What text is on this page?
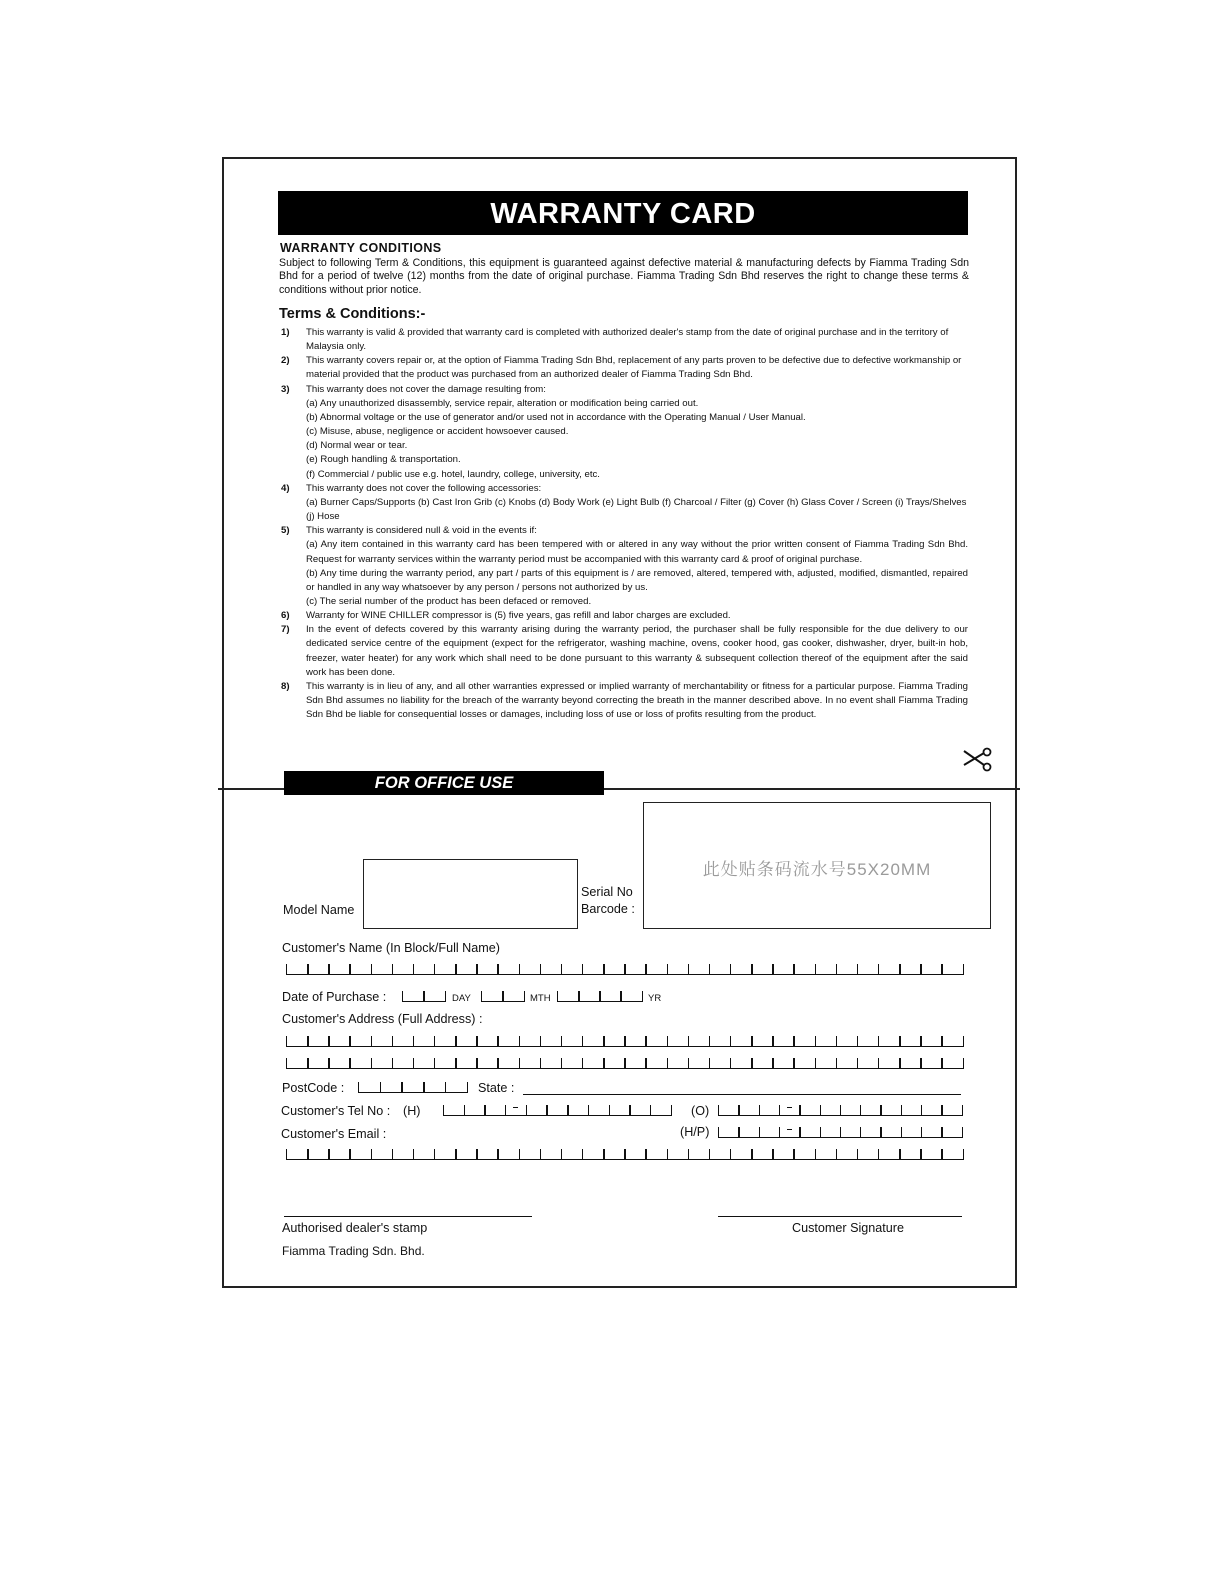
WARRANTY CARD
WARRANTY CONDITIONS
Subject to following Term & Conditions, this equipment is guaranteed against defective material & manufacturing defects by Fiamma Trading Sdn Bhd for a period of twelve (12) months from the date of original purchase. Fiamma Trading Sdn Bhd reserves the right to change these terms & conditions without prior notice.
Terms & Conditions:-
1) This warranty is valid & provided that warranty card is completed with authorized dealer's stamp from the date of original purchase and in the territory of Malaysia only.
2) This warranty covers repair or, at the option of Fiamma Trading Sdn Bhd, replacement of any parts proven to be defective due to defective workmanship or material provided that the product was purchased from an authorized dealer of Fiamma Trading Sdn Bhd.
3) This warranty does not cover the damage resulting from:
(a) Any unauthorized disassembly, service repair, alteration or modification being carried out.
(b) Abnormal voltage or the use of generator and/or used not in accordance with the Operating Manual / User Manual.
(c) Misuse, abuse, negligence or accident howsoever caused.
(d) Normal wear or tear.
(e) Rough handling & transportation.
(f) Commercial / public use e.g. hotel, laundry, college, university, etc.
4) This warranty does not cover the following accessories:
(a) Burner Caps/Supports (b) Cast Iron Grib (c) Knobs (d) Body Work (e) Light Bulb (f) Charcoal / Filter (g) Cover (h) Glass Cover / Screen (i) Trays/Shelves (j) Hose
5) This warranty is considered null & void in the events if:
(a) Any item contained in this warranty card has been tempered with or altered in any way without the prior written consent of Fiamma Trading Sdn Bhd. Request for warranty services within the warranty period must be accompanied with this warranty card & proof of original purchase.
(b) Any time during the warranty period, any part / parts of this equipment is / are removed, altered, tempered with, adjusted, modified, dismantled, repaired or handled in any way whatsoever by any person / persons not authorized by us.
(c) The serial number of the product has been defaced or removed.
6) Warranty for WINE CHILLER compressor is (5) five years, gas refill and labor charges are excluded.
7) In the event of defects covered by this warranty arising during the warranty period, the purchaser shall be fully responsible for the due delivery to our dedicated service centre of the equipment (expect for the refrigerator, washing machine, ovens, cooker hood, gas cooker, dishwasher, dryer, built-in hob, freezer, water heater) for any work which shall need to be done pursuant to this warranty & subsequent collection thereof of the equipment after the said work has been done.
8) This warranty is in lieu of any, and all other warranties expressed or implied warranty of merchantability or fitness for a particular purpose. Fiamma Trading Sdn Bhd assumes no liability for the breach of the warranty beyond correcting the breath in the manner described above. In no event shall Fiamma Trading Sdn Bhd be liable for consequential losses or damages, including loss of use or loss of profits resulting from the product.
FOR OFFICE USE
此处贴条码流水号55X20MM
Model Name
Serial No
Barcode :
Customer's Name (In Block/Full Name)
Date of Purchase :	DAY	MTH	YR
Customer's Address (Full Address) :
PostCode :	State :
Customer's Tel No : (H)	(O)
Customer's Email :	(H/P)
Authorised dealer's stamp
Fiamma Trading Sdn. Bhd.
Customer Signature
